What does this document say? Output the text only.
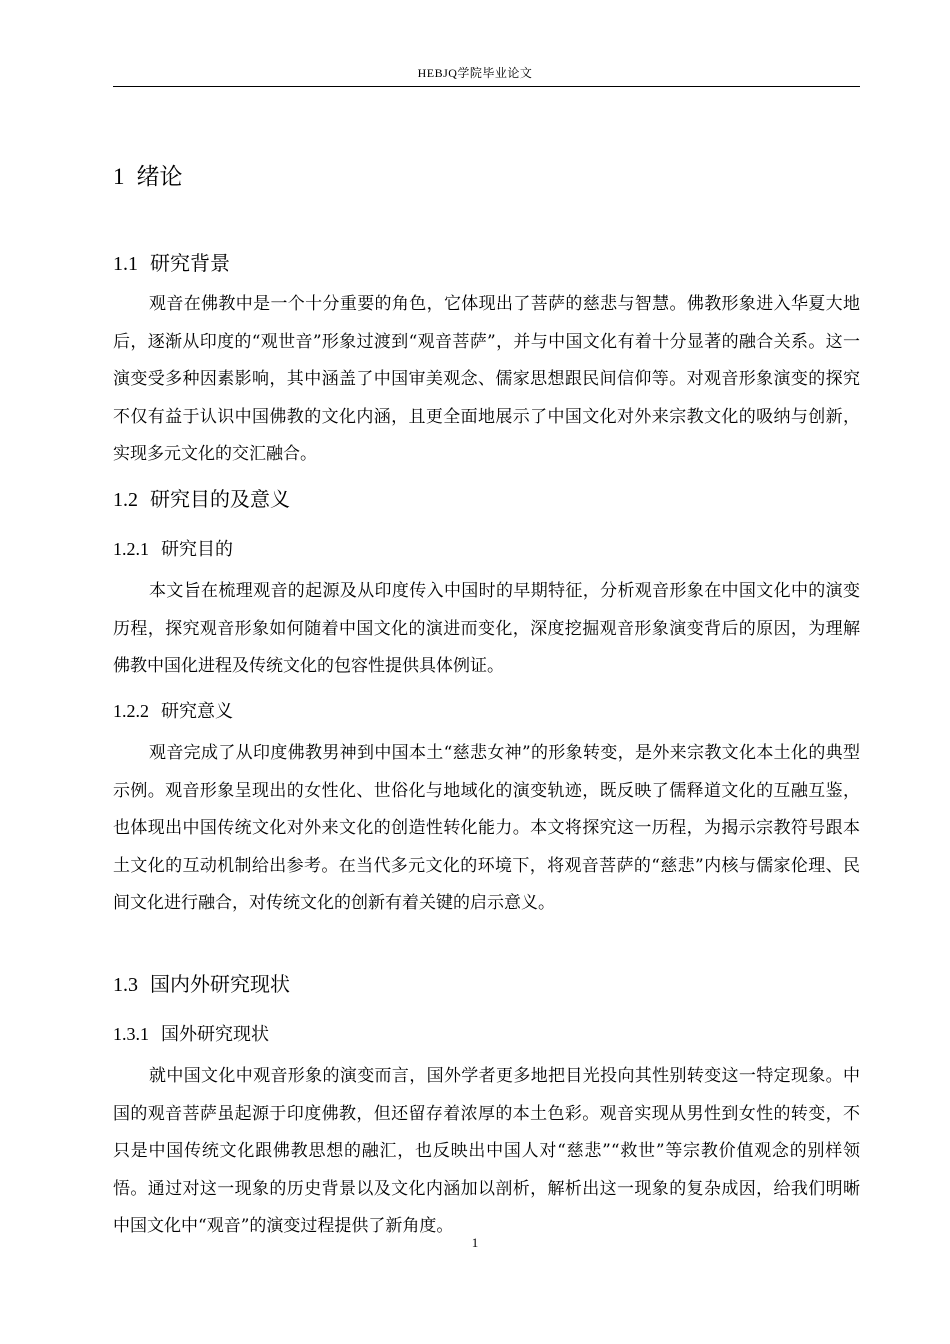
HEBJQ学院毕业论文
1 绪论
1.1 研究背景

观音在佛教中是一个十分重要的角色，它体现出了菩萨的慈悲与智慧。佛教形象进入华夏大地后，逐渐从印度的“观世音”形象过渡到“观音菩萨”，并与中国文化有着十分显著的融合关系。这一演变受多种因素影响，其中涵盖了中国审美观念、儒家思想跟民间信仰等。对观音形象演变的探究不仅有益于认识中国佛教的文化内涵，且更全面地展示了中国文化对外来宗教文化的吸纳与创新，实现多元文化的交汇融合。

1.2 研究目的及意义
1.2.1 研究目的

本文旨在梳理观音的起源及从印度传入中国时的早期特征，分析观音形象在中国文化中的演变历程，探究观音形象如何随着中国文化的演进而变化，深度挖掘观音形象演变背后的原因，为理解佛教中国化进程及传统文化的包容性提供具体例证。

1.2.2 研究意义

观音完成了从印度佛教男神到中国本土“慈悲女神”的形象转变，是外来宗教文化本土化的典型示例。观音形象呈现出的女性化、世俗化与地域化的演变轨迹，既反映了儒释道文化的互融互鉴，也体现出中国传统文化对外来文化的创造性转化能力。本文将探究这一历程，为揭示宗教符号跟本土文化的互动机制给出参考。在当代多元文化的环境下，将观音菩萨的“慈悲”内核与儒家伦理、民间文化进行融合，对传统文化的创新有着关键的启示意义。

1.3 国内外研究现状
1.3.1 国外研究现状

就中国文化中观音形象的演变而言，国外学者更多地把目光投向其性别转变这一特定现象。中国的观音菩萨虽起源于印度佛教，但还留存着浓厚的本土色彩。观音实现从男性到女性的转变，不只是中国传统文化跟佛教思想的融汇，也反映出中国人对“慈悲”“救世”等宗教价值观念的别样领悟。通过对这一现象的历史背景以及文化内涵加以剖析，解析出这一现象的复杂成因，给我们明晰中国文化中“观音”的演变过程提供了新角度。

1
